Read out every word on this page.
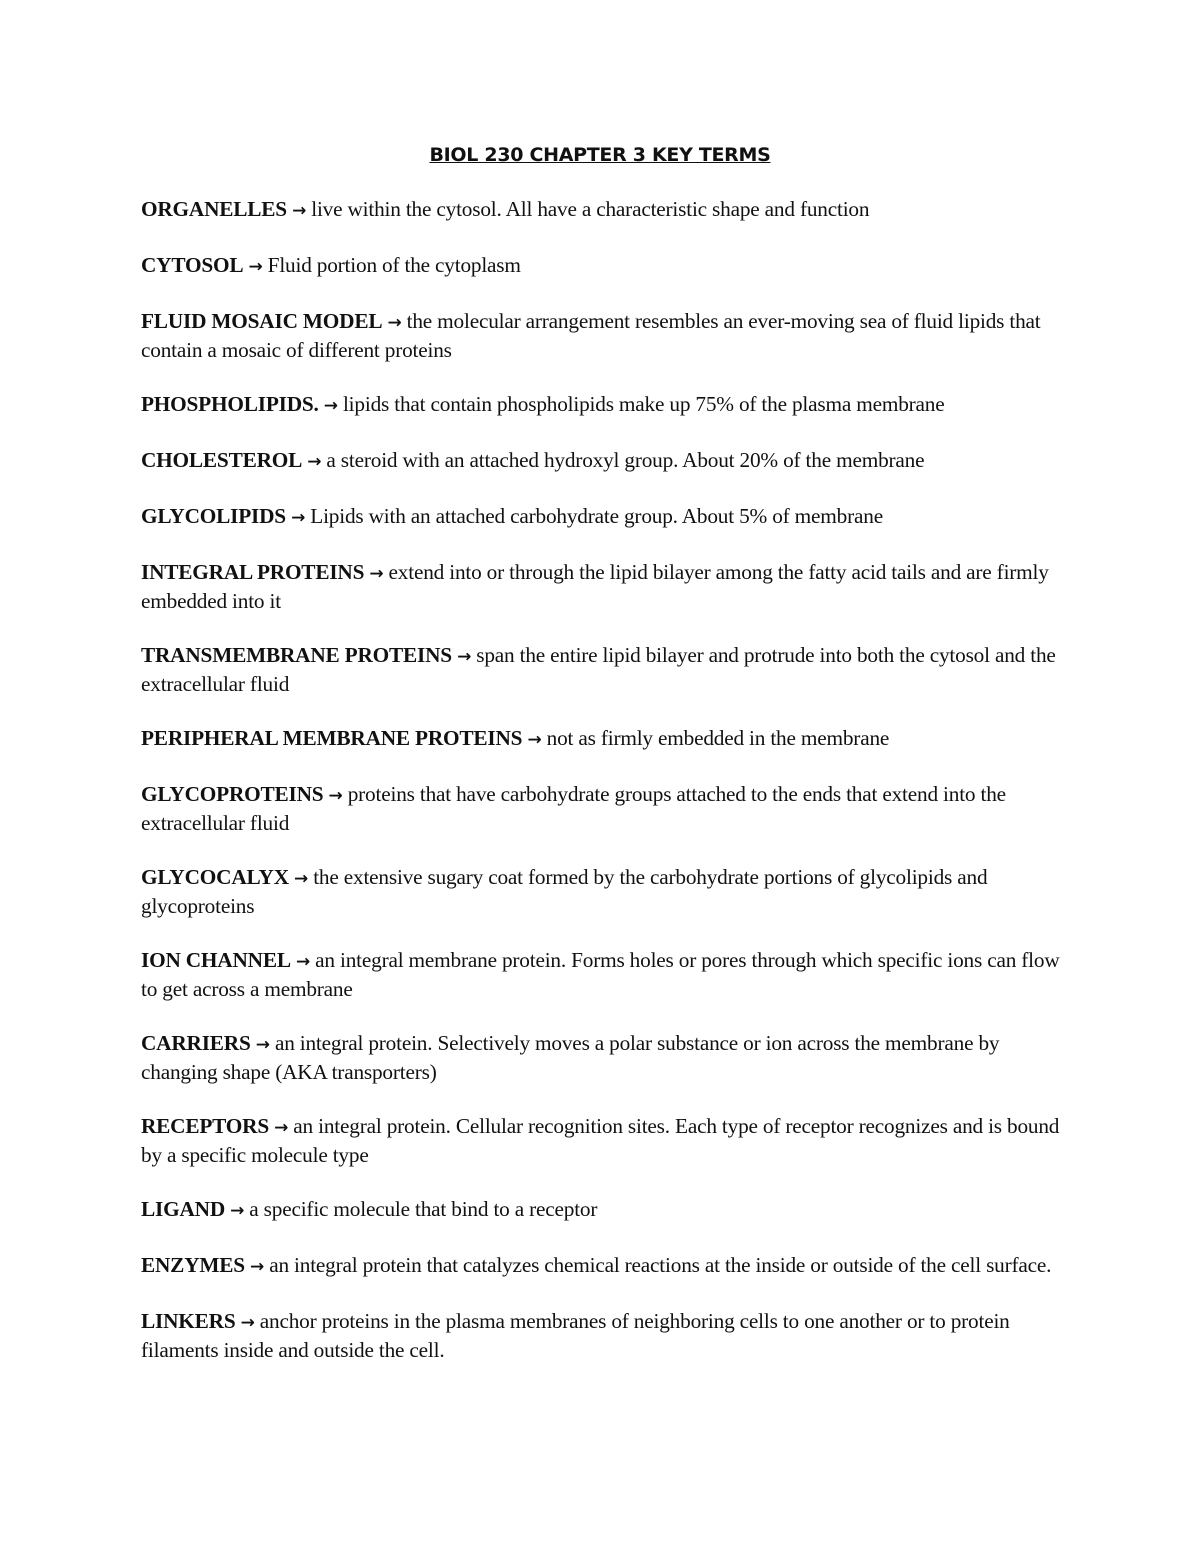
BIOL 230 CHAPTER 3 KEY TERMS
ORGANELLES → live within the cytosol. All have a characteristic shape and function
CYTOSOL → Fluid portion of the cytoplasm
FLUID MOSAIC MODEL → the molecular arrangement resembles an ever-moving sea of fluid lipids that contain a mosaic of different proteins
PHOSPHOLIPIDS. → lipids that contain phospholipids make up 75% of the plasma membrane
CHOLESTEROL → a steroid with an attached hydroxyl group. About 20% of the membrane
GLYCOLIPIDS → Lipids with an attached carbohydrate group. About 5% of membrane
INTEGRAL PROTEINS → extend into or through the lipid bilayer among the fatty acid tails and are firmly embedded into it
TRANSMEMBRANE PROTEINS → span the entire lipid bilayer and protrude into both the cytosol and the extracellular fluid
PERIPHERAL MEMBRANE PROTEINS → not as firmly embedded in the membrane
GLYCOPROTEINS → proteins that have carbohydrate groups attached to the ends that extend into the extracellular fluid
GLYCOCALYX → the extensive sugary coat formed by the carbohydrate portions of glycolipids and glycoproteins
ION CHANNEL → an integral membrane protein. Forms holes or pores through which specific ions can flow to get across a membrane
CARRIERS → an integral protein. Selectively moves a polar substance or ion across the membrane by changing shape (AKA transporters)
RECEPTORS → an integral protein. Cellular recognition sites. Each type of receptor recognizes and is bound by a specific molecule type
LIGAND → a specific molecule that bind to a receptor
ENZYMES → an integral protein that catalyzes chemical reactions at the inside or outside of the cell surface.
LINKERS → anchor proteins in the plasma membranes of neighboring cells to one another or to protein filaments inside and outside the cell.
